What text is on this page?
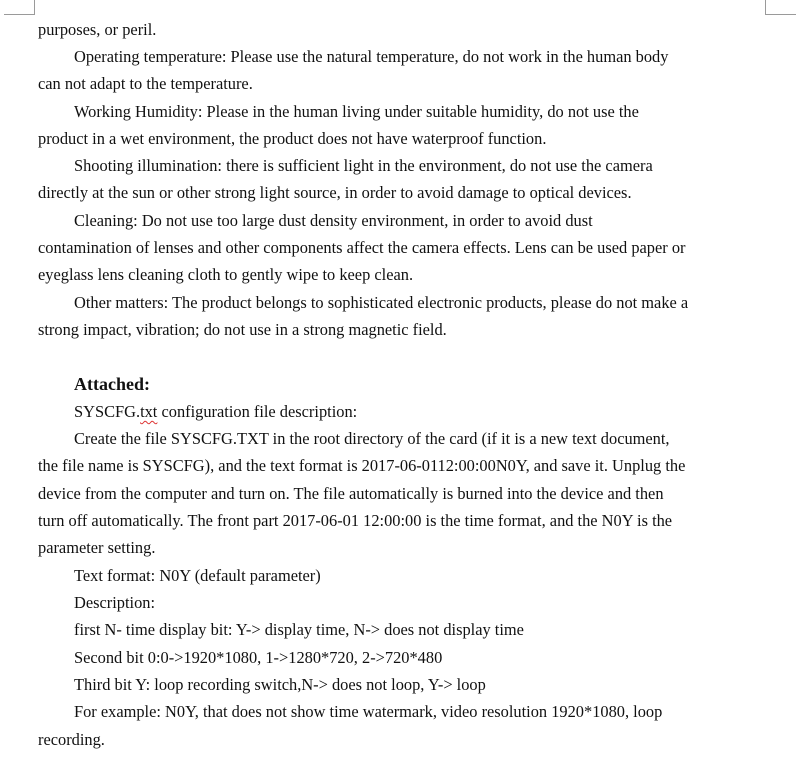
purposes, or peril.
Operating temperature: Please use the natural temperature, do not work in the human body
can not adapt to the temperature.
Working Humidity: Please in the human living under suitable humidity, do not use the
product in a wet environment, the product does not have waterproof function.
Shooting illumination: there is sufficient light in the environment, do not use the camera
directly at the sun or other strong light source, in order to avoid damage to optical devices.
Cleaning: Do not use too large dust density environment, in order to avoid dust
contamination of lenses and other components affect the camera effects. Lens can be used paper or
eyeglass lens cleaning cloth to gently wipe to keep clean.
Other matters: The product belongs to sophisticated electronic products, please do not make a
strong impact, vibration; do not use in a strong magnetic field.
Attached:
SYSCFG.txt configuration file description:
Create the file SYSCFG.TXT in the root directory of the card (if it is a new text document,
the file name is SYSCFG), and the text format is 2017-06-0112:00:00N0Y, and save it. Unplug the
device from the computer and turn on. The file automatically is burned into the device and then
turn off automatically. The front part 2017-06-01 12:00:00 is the time format, and the N0Y is the
parameter setting.
Text format: N0Y (default parameter)
Description:
first N- time display bit: Y-> display time, N-> does not display time
Second bit 0:0->1920*1080, 1->1280*720, 2->720*480
Third bit Y: loop recording switch,N-> does not loop, Y-> loop
For example: N0Y, that does not show time watermark, video resolution 1920*1080, loop
recording.
